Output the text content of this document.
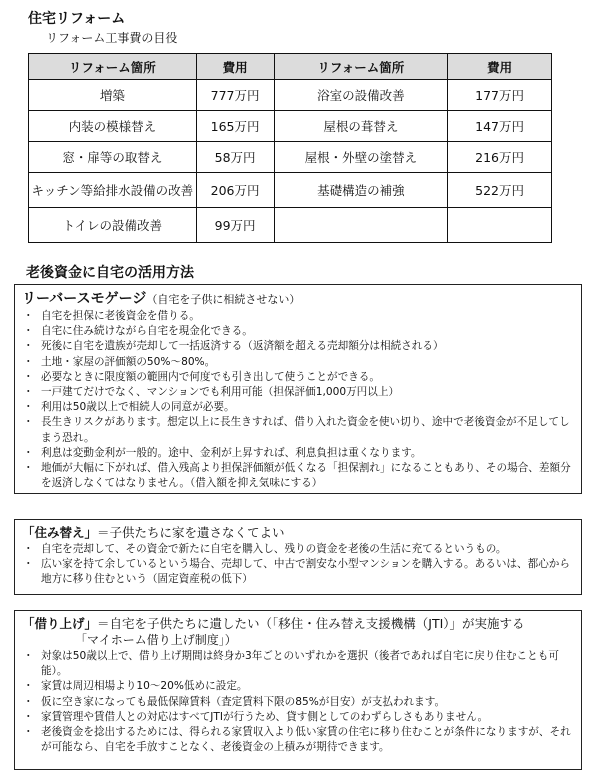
住宅リフォーム
リフォーム工事費の目役
リフォーム箇所	費用	リフォーム箇所	費用
増築	777万円	浴室の設備改善	177万円
内装の模様替え	165万円	屋根の葺替え	147万円
窓・扉等の取替え	58万円	屋根・外壁の塗替え	216万円
キッチン等給排水設備の改善	206万円	基礎構造の補強	522万円
トイレの設備改善	99万円		
老後資金に自宅の活用方法
リーバースモゲージ（自宅を子供に相続させない）
・ 自宅を担保に老後資金を借りる。
・ 自宅に住み続けながら自宅を現金化できる。
・ 死後に自宅を遺族が売却して一括返済する（返済額を超える売却額分は相続される）
・ 土地・家屋の評価額の50%～80%。
・ 必要なときに限度額の範囲内で何度でも引き出して使うことができる。
・ 一戸建てだけでなく、マンションでも利用可能（担保評価1,000万円以上）
・ 利用は50歳以上で相続人の同意が必要。
・ 長生きリスクがあります。想定以上に長生きすれば、借り入れた資金を使い切り、途中で老後資金が不足してしまう恐れ。
・ 利息は変動金利が一般的。途中、金利が上昇すれば、利息負担は重くなります。
・ 地価が大幅に下がれば、借入残高より担保評価額が低くなる「担保割れ」になることもあり、その場合、差額分を返済しなくてはなりません。（借入額を抑え気味にする）
「住み替え」＝子供たちに家を遺さなくてよい
・ 自宅を売却して、その資金で新たに自宅を購入し、残りの資金を老後の生活に充てるというもの。
・ 広い家を持て余しているという場合、売却して、中古で割安な小型マンションを購入する。あるいは、都心から地方に移り住むという（固定資産税の低下）
「借り上げ」＝自宅を子供たちに遺したい（「移住・住み替え支援機構（JTI）」が実施する
「マイホーム借り上げ制度」）
・ 対象は50歳以上で、借り上げ期間は終身か3年ごとのいずれかを選択（後者であれば自宅に戻り住むことも可能）。
・ 家賃は周辺相場より10～20%低めに設定。
・ 仮に空き家になっても最低保障賃料（査定賃料下限の85%が目安）が支払われます。
・ 家賃管理や賃借人との対応はすべてJTIが行うため、貸す側としてのわずらしさもありません。
・ 老後資金を捻出するためには、得られる家賃収入より低い家賃の住宅に移り住むことが条件になりますが、それが可能なら、自宅を手放すことなく、老後資金の上積みが期待できます。
